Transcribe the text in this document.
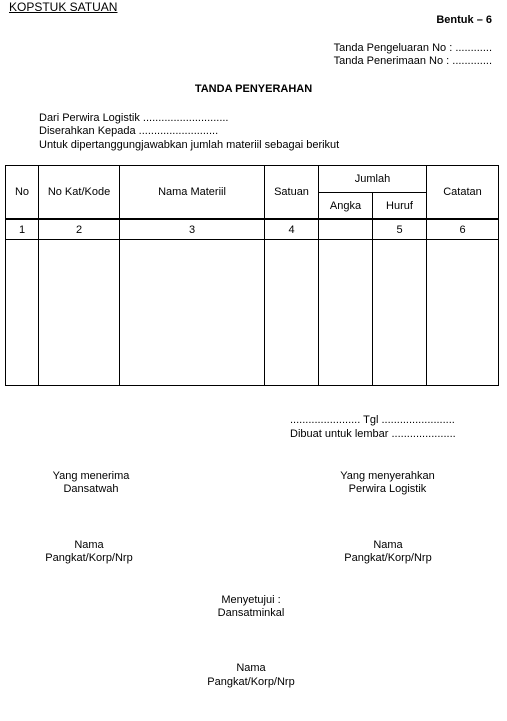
KOPSTUK SATUAN
Bentuk – 6
Tanda Pengeluaran No : ............
Tanda Penerimaan No : .............
TANDA PENYERAHAN
Dari Perwira Logistik ............................
Diserahkan Kepada ..........................
Untuk dipertanggungjawabkan jumlah materiil sebagai berikut
No	No Kat/Kode	Nama Materiil	Satuan	Jumlah		Catatan
				Angka	Huruf	
1	2	3	4		5	6

....................... Tgl ........................
Dibuat untuk lembar .....................
Yang menerima
Dansatwah
Yang menyerahkan
Perwira Logistik
Nama
Pangkat/Korp/Nrp
Nama
Pangkat/Korp/Nrp
Menyetujui :
Dansatminkal
Nama
Pangkat/Korp/Nrp
